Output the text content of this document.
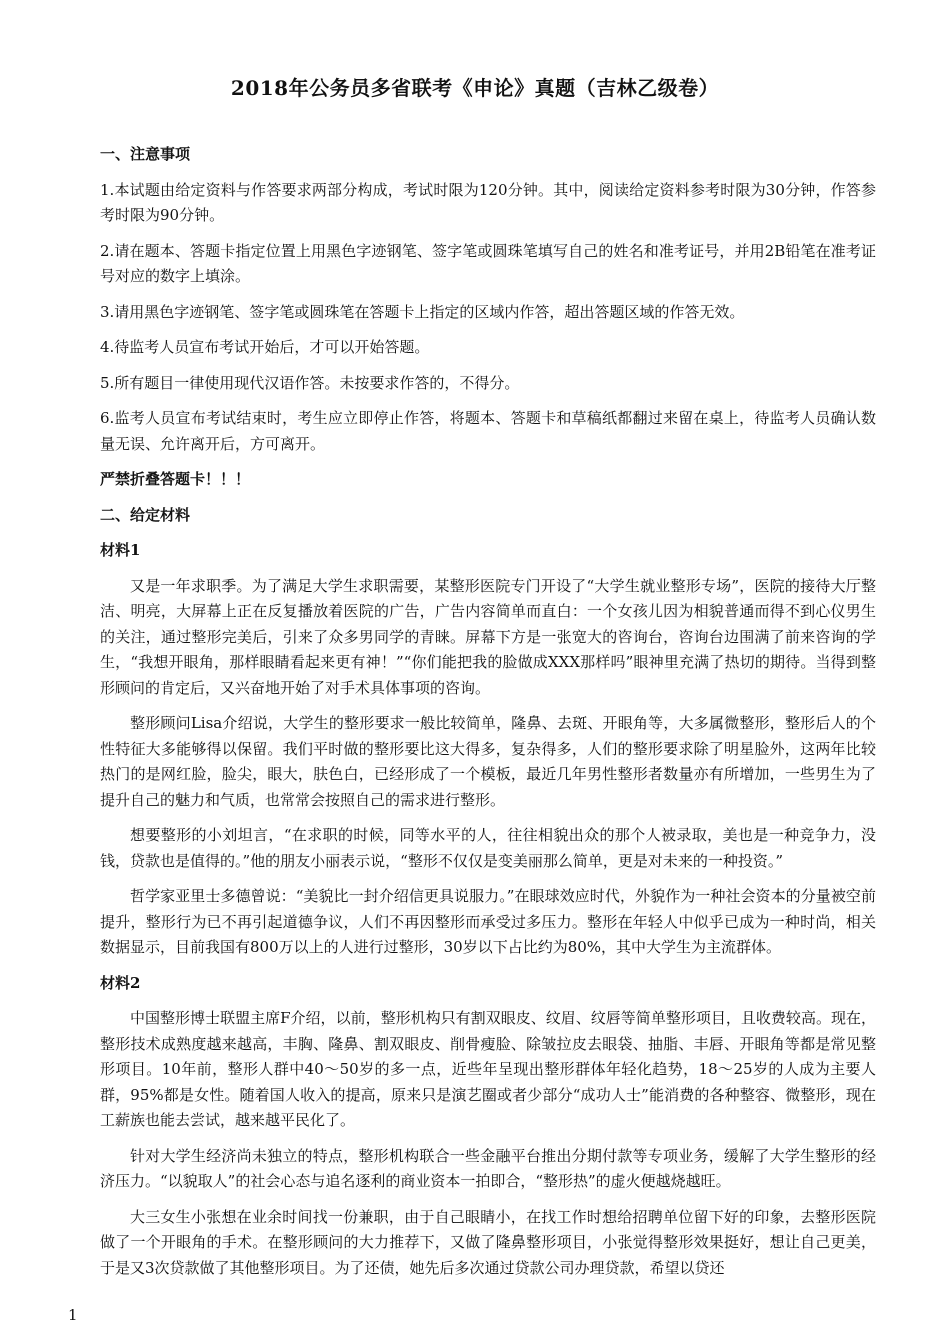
2018年公务员多省联考《申论》真题（吉林乙级卷）

一、注意事项

1.本试题由给定资料与作答要求两部分构成，考试时限为120分钟。其中，阅读给定资料参考时限为30分钟，作答参考时限为90分钟。

2.请在题本、答题卡指定位置上用黑色字迹钢笔、签字笔或圆珠笔填写自己的姓名和准考证号，并用2B铅笔在准考证号对应的数字上填涂。

3.请用黑色字迹钢笔、签字笔或圆珠笔在答题卡上指定的区域内作答，超出答题区域的作答无效。

4.待监考人员宣布考试开始后，才可以开始答题。

5.所有题目一律使用现代汉语作答。未按要求作答的，不得分。

6.监考人员宣布考试结束时，考生应立即停止作答，将题本、答题卡和草稿纸都翻过来留在桌上，待监考人员确认数量无误、允许离开后，方可离开。

严禁折叠答题卡！！！

二、给定材料

材料1

又是一年求职季。为了满足大学生求职需要，某整形医院专门开设了“大学生就业整形专场”，医院的接待大厅整洁、明亮，大屏幕上正在反复播放着医院的广告，广告内容简单而直白：一个女孩儿因为相貌普通而得不到心仪男生的关注，通过整形完美后，引来了众多男同学的青睐。屏幕下方是一张宽大的咨询台，咨询台边围满了前来咨询的学生，“我想开眼角，那样眼睛看起来更有神！”“你们能把我的脸做成XXX那样吗”眼神里充满了热切的期待。当得到整形顾问的肯定后，又兴奋地开始了对手术具体事项的咨询。

整形顾问Lisa介绍说，大学生的整形要求一般比较简单，隆鼻、去斑、开眼角等，大多属微整形，整形后人的个性特征大多能够得以保留。我们平时做的整形要比这大得多，复杂得多，人们的整形要求除了明星脸外，这两年比较热门的是网红脸，脸尖，眼大，肤色白，已经形成了一个模板，最近几年男性整形者数量亦有所增加，一些男生为了提升自己的魅力和气质，也常常会按照自己的需求进行整形。

想要整形的小刘坦言，“在求职的时候，同等水平的人，往往相貌出众的那个人被录取，美也是一种竞争力，没钱，贷款也是值得的。”他的朋友小丽表示说，“整形不仅仅是变美丽那么简单，更是对未来的一种投资。”

哲学家亚里士多德曾说：“美貌比一封介绍信更具说服力。”在眼球效应时代，外貌作为一种社会资本的分量被空前提升，整形行为已不再引起道德争议，人们不再因整形而承受过多压力。整形在年轻人中似乎已成为一种时尚，相关数据显示，目前我国有800万以上的人进行过整形，30岁以下占比约为80%，其中大学生为主流群体。

材料2

中国整形博士联盟主席F介绍，以前，整形机构只有割双眼皮、纹眉、纹唇等简单整形项目，且收费较高。现在，整形技术成熟度越来越高，丰胸、隆鼻、割双眼皮、削骨瘦脸、除皱拉皮去眼袋、抽脂、丰唇、开眼角等都是常见整形项目。10年前，整形人群中40～50岁的多一点，近些年呈现出整形群体年轻化趋势，18～25岁的人成为主要人群，95%都是女性。随着国人收入的提高，原来只是演艺圈或者少部分“成功人士”能消费的各种整容、微整形，现在工薪族也能去尝试，越来越平民化了。

针对大学生经济尚未独立的特点，整形机构联合一些金融平台推出分期付款等专项业务，缓解了大学生整形的经济压力。“以貌取人”的社会心态与追名逐利的商业资本一拍即合，“整形热”的虚火便越烧越旺。

大三女生小张想在业余时间找一份兼职，由于自己眼睛小，在找工作时想给招聘单位留下好的印象，去整形医院做了一个开眼角的手术。在整形顾问的大力推荐下，又做了隆鼻整形项目，小张觉得整形效果挺好，想让自己更美，于是又3次贷款做了其他整形项目。为了还债，她先后多次通过贷款公司办理贷款，希望以贷还

1
